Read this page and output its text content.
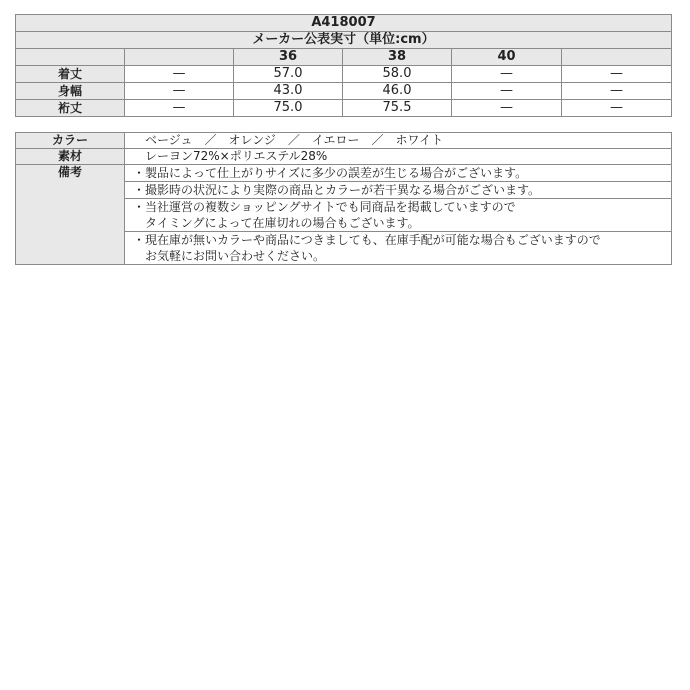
A418007					
メーカー公表実寸（単位:cm）					
		36	38	40	
着丈	—	57.0	58.0	—	—
身幅	—	43.0	46.0	—	—
裄丈	—	75.0	75.5	—	—
カラー	ベージュ　／　オレンジ　／　イエロー　／　ホワイト
素材	レーヨン72%×ポリエステル28%
備考	・製品によって仕上がりサイズに多少の誤差が生じる場合がございます。

	・撮影時の状況により実際の商品とカラーが若干異なる場合がございます。

	・当社運営の複数ショッピングサイトでも同商品を掲載していますので
　タイミングによって在庫切れの場合もございます。

	・現在庫が無いカラーや商品につきましても、在庫手配が可能な場合もございますので
　お気軽にお問い合わせください。
